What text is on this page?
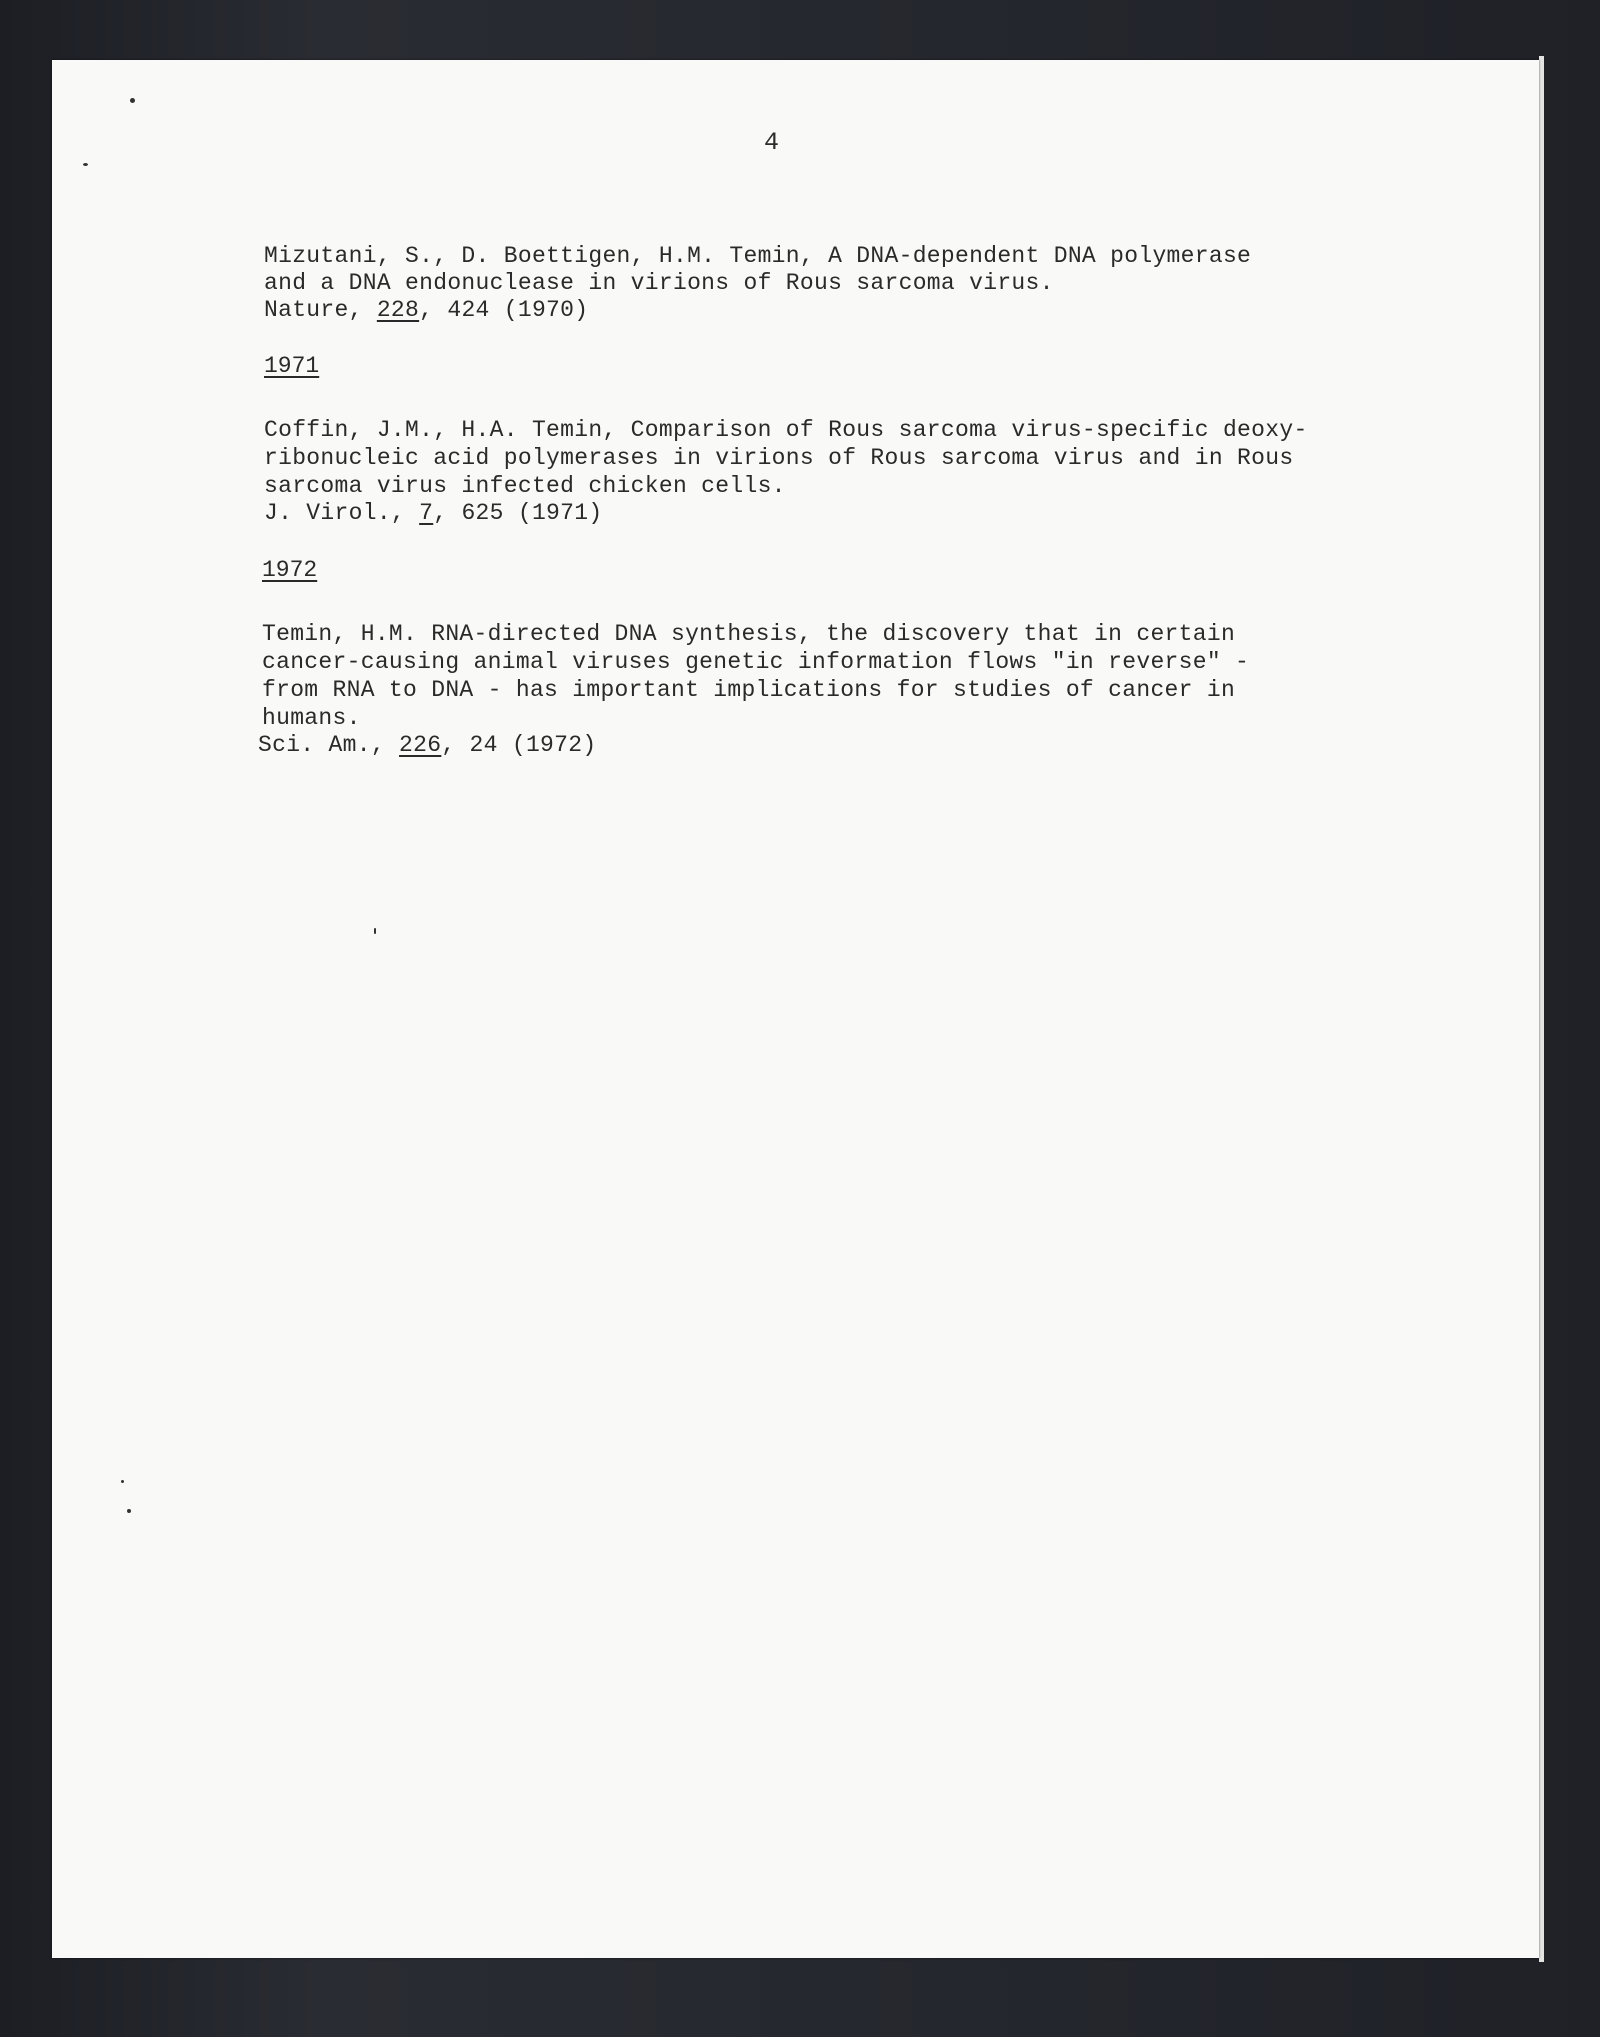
4
Mizutani, S., D. Boettigen, H.M. Temin, A DNA-dependent DNA polymerase
and a DNA endonuclease in virions of Rous sarcoma virus.
Nature, 228, 424 (1970)
1971
Coffin, J.M., H.A. Temin, Comparison of Rous sarcoma virus-specific deoxy-
ribonucleic acid polymerases in virions of Rous sarcoma virus and in Rous
sarcoma virus infected chicken cells.
J. Virol., 7, 625 (1971)
1972
Temin, H.M. RNA-directed DNA synthesis, the discovery that in certain
cancer-causing animal viruses genetic information flows "in reverse" -
from RNA to DNA - has important implications for studies of cancer in
humans.
Sci. Am., 226, 24 (1972)
